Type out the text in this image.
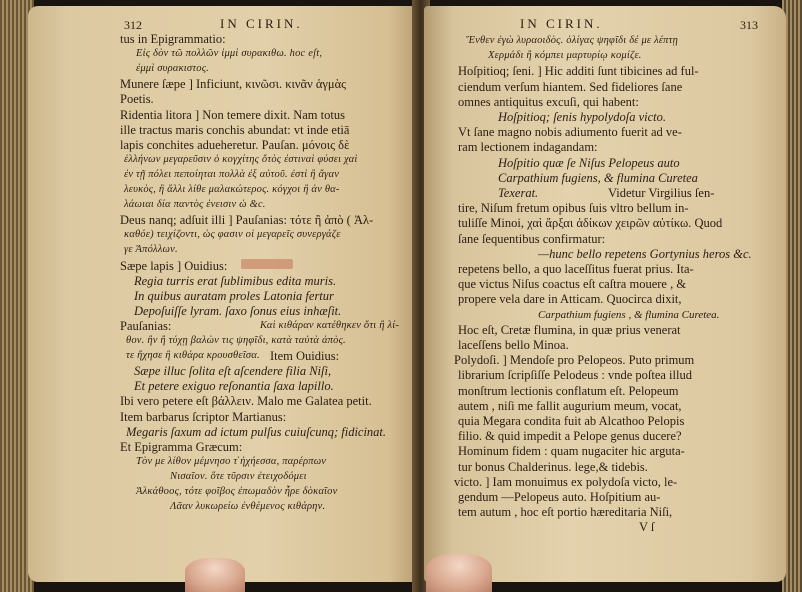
312	IN CIRIN.
tus in Epigrammatio:
Εἰς δὸν τῶ πολλῶν ἱμμὶ συρακιθω. hoc eſt,
ἐμμὶ συρακιστος.
Munere ſæpe ] Inficiunt, κινῶσι. κινᾶν ἁγμὰς
Poetis.
Ridentia litora ] Non temere dixit. Nam totus
ille tractus maris conchis abundat: vt inde etiā
lapis conchites adueheretur. Pauſan. μόνοις δὲ
ἑλλήνων μεγαρεῦσιν ὁ κογχίτης ὅτὸς ἐστιναὶ φύσει χαὶ
ἐν τῇ πόλει πεποίηται πολλὰ ἐξ αὐτοῦ. ἐστὶ ἢ ἄγαν
λευκὸς, ἢ ἄλλι λίθε μαλακώτερος. κόγχοι ἢ ἀν θα-
λάωιαι δία παντὸς ἐνεισιν ὡ &c.
Deus nanq; adſuit illi ] Pauſanias: τότε ἢ ἀπὸ ( Ἀλ-
καθόε) τειχίζοντι, ὡς φασιν οἱ μεγαρεῖς συνεργάζε
γε Ἀπόλλων.
Sæpe lapis ] Ouidius:
Regia turris erat ſublimibus edita muris.
In quibus auratam proles Latonia fertur
Depoſuiſſe lyram. ſaxo ſonus eius inhæſit.
Pauſanias:	Καὶ κιθάραν κατέθηκεν ὅτι ἢ λί-
θον. ἣν ἢ τύχῃ βαλὼν τις ψηφῖδι, κατὰ ταὐτὰ ἀπὸς.
τε ἤχησε ἢ κιθάρα κρουσθεῖσα. Item Ouidius:
Sæpe illuc ſolita eſt aſcendere filia Niſi,
Et petere exiguo reſonantia ſaxa lapillo.
Ibi vero petere eſt βάλλειν. Malo me Galatea petit.
Item barbarus ſcriptor Martianus:
Megaris ſaxum ad ictum pulſus cuiuſcunq; fidicinat.
Et Epigramma Græcum:
Τὸν με λίθον μέμνησο τ̓ ἠχήεσσα, παρέρπων
Νισαῖον. ὅτε τῦρσιν ἐτειχοδόμει
Ἀλκάθοος, τότε φοῖβος ἐπωμαδὸν ἦρε δὸκαῖον
Λᾶαν λυκωρείω ἐνθέμενος κιθάρην.
IN CIRIN.	313
Ἔνθεν ἐγὼ λυραοιδὸς. ὀλίγας ψηφῖδι δέ με λέπτῃ
Χερμάδι ἢ κόμπει μαρτυρίῳ κομίζε.
Hoſpitioq; ſeni. ] Hic additi ſunt tibicines ad ful-
ciendum verſum hiantem. Sed fideliores ſane
omnes antiquitus excuſi, qui habent:
Hoſpitioq; ſenis hypolydoſa victo.
Vt ſane magno nobis adiumento fuerit ad ve-
ram lectionem indagandam:
Hoſpitio quæ ſe Niſus Pelopeus auto
Carpathium fugiens, & flumina Curetea
Texerat.	Videtur Virgilius ſen-
tire, Niſum fretum opibus ſuis vltro bellum in-
tuliſſe Minoi, χαὶ ἄρξαι ἀδίκων χειρῶν αὐτίκω. Quod
ſane ſequentibus confirmatur:
—hunc bello repetens Gortynius heros &c.
repetens bello, a quo laceſſitus fuerat prius. Ita-
que victus Niſus coactus eſt caſtra mouere , &
propere vela dare in Atticam. Quocirca dixit,
Carpathium fugiens , & flumina Curetea.
Hoc eſt, Cretæ flumina, in quæ prius venerat
laceſſens bello Minoa.
Polydoſi. ] Mendoſe pro Pelopeos. Puto primum
librarium ſcripſiſſe Pelodeus : vnde poſtea illud
monſtrum lectionis conflatum eſt. Pelopeum
autem , niſi me fallit augurium meum, vocat,
quia Megara condita fuit ab Alcathoo Pelopis
filio. & quid impedit a Pelope genus ducere?
Hominum fidem : quam nugaciter hic arguta-
tur bonus Chalderinus. lege,& tidebis.
victo. ] Iam monuimus ex polydoſa victo, le-
gendum —Pelopeus auto. Hoſpitium au-
tem autum , hoc eſt portio hæreditaria Niſi,
V ſ
